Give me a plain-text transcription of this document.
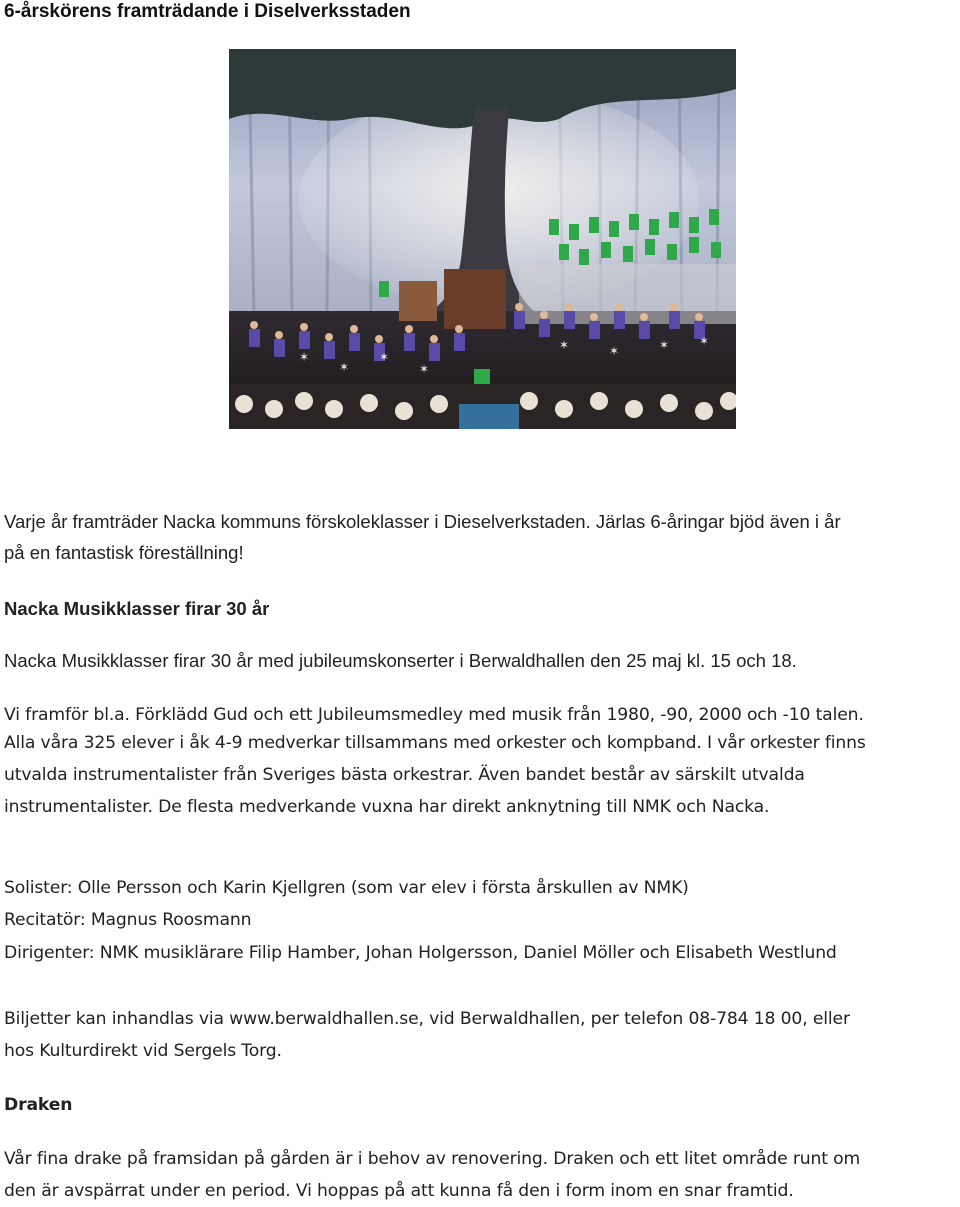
6-årskörens framträdande i Diselverksstaden
✶
✶
✶
✶
✶	✶	✶ ✶

Varje år framträder Nacka kommuns förskoleklasser i Dieselverkstaden. Järlas 6-åringar bjöd även i år

på en fantastisk föreställning!

Nacka Musikklasser firar 30 år

Nacka Musikklasser firar 30 år med jubileumskonserter i Berwaldhallen den 25 maj kl. 15 och 18.

Vi framför bl.a. Förklädd Gud och ett Jubileumsmedley med musik från 1980, -90, 2000 och -10 talen.

Alla våra 325 elever i åk 4-9 medverkar tillsammans med orkester och kompband. I vår orkester finns

utvalda instrumentalister från Sveriges bästa orkestrar. Även bandet består av särskilt utvalda

instrumentalister. De flesta medverkande vuxna har direkt anknytning till NMK och Nacka.

Solister: Olle Persson och Karin Kjellgren (som var elev i första årskullen av NMK)

Recitatör: Magnus Roosmann

Dirigenter: NMK musiklärare Filip Hamber, Johan Holgersson, Daniel Möller och Elisabeth Westlund

Biljetter kan inhandlas via www.berwaldhallen.se, vid Berwaldhallen, per telefon 08-784 18 00, eller

hos Kulturdirekt vid Sergels Torg.

Draken

Vår fina drake på framsidan på gården är i behov av renovering. Draken och ett litet område runt om

den är avspärrat under en period. Vi hoppas på att kunna få den i form inom en snar framtid.
